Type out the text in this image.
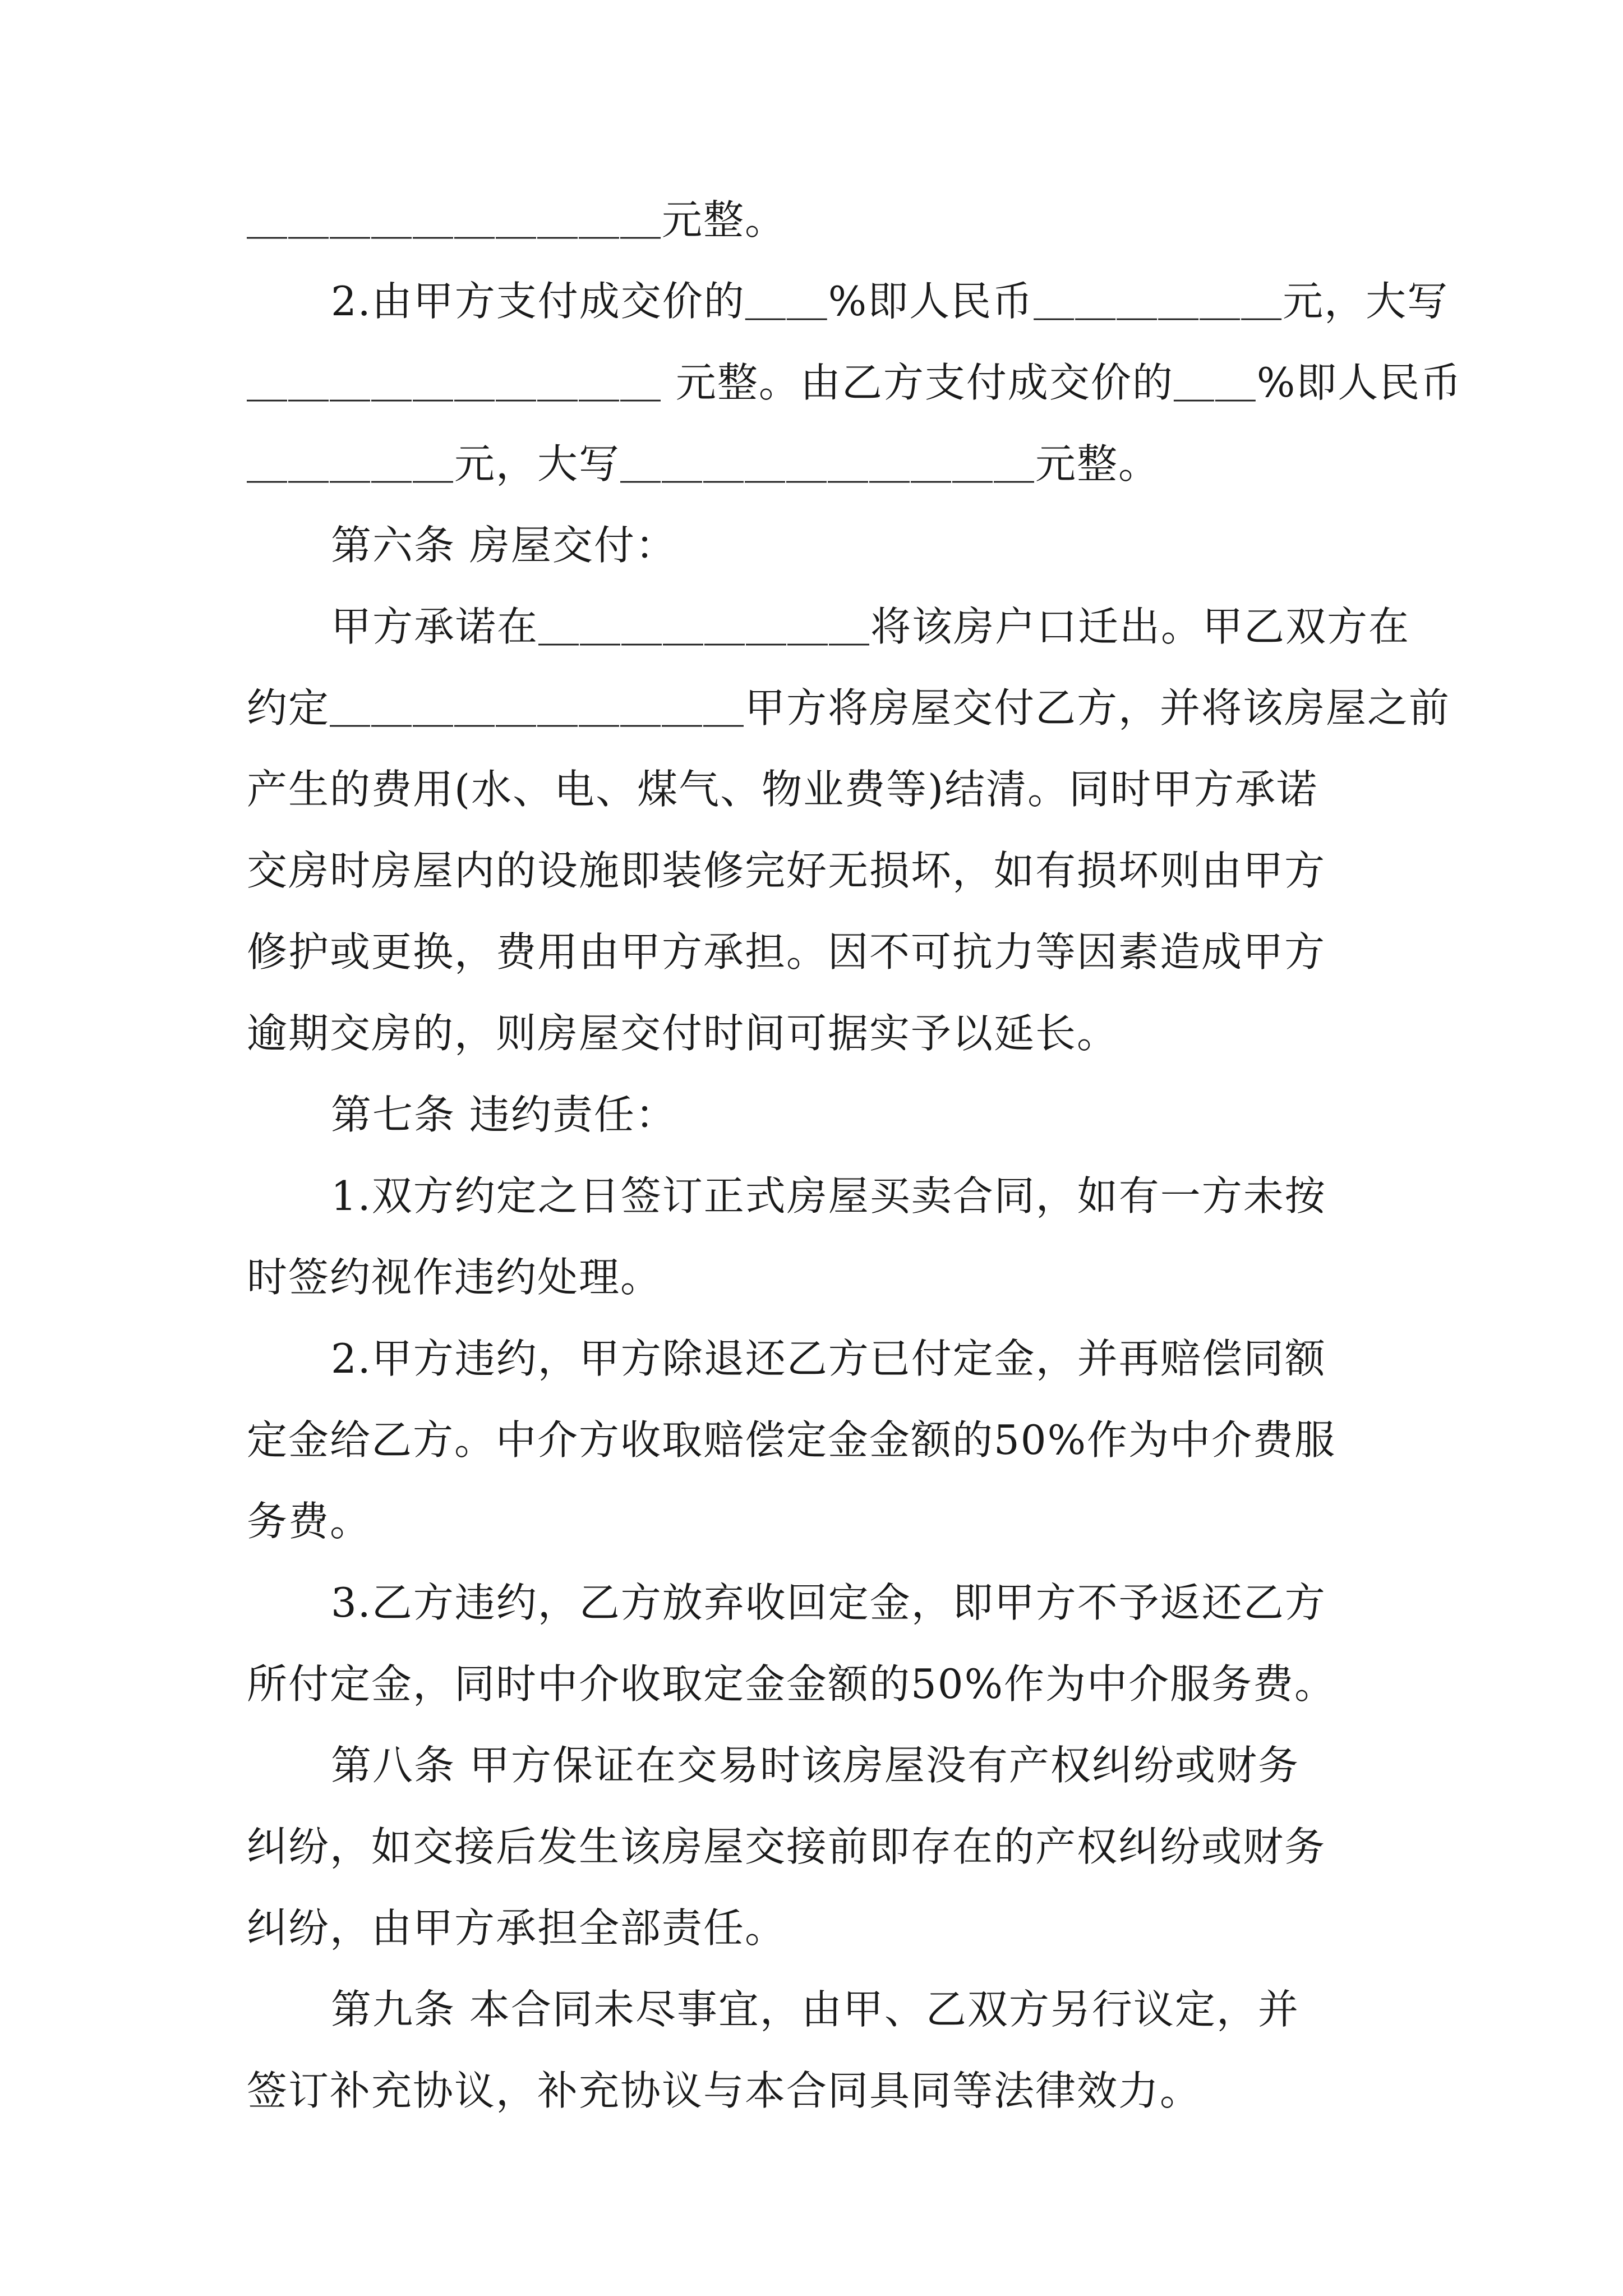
＿＿＿＿＿＿＿＿＿＿元整。
2.由甲方支付成交价的＿＿%即人民币＿＿＿＿＿＿元，大写
＿＿＿＿＿＿＿＿＿＿ 元整。由乙方支付成交价的＿＿%即人民币
＿＿＿＿＿元，大写＿＿＿＿＿＿＿＿＿＿元整。
第六条 房屋交付：
甲方承诺在＿＿＿＿＿＿＿＿将该房户口迁出。甲乙双方在
约定＿＿＿＿＿＿＿＿＿＿甲方将房屋交付乙方，并将该房屋之前
产生的费用(水、电、煤气、物业费等)结清。同时甲方承诺
交房时房屋内的设施即装修完好无损坏，如有损坏则由甲方
修护或更换，费用由甲方承担。因不可抗力等因素造成甲方
逾期交房的，则房屋交付时间可据实予以延长。
第七条 违约责任：
1.双方约定之日签订正式房屋买卖合同，如有一方未按
时签约视作违约处理。
2.甲方违约，甲方除退还乙方已付定金，并再赔偿同额
定金给乙方。中介方收取赔偿定金金额的50%作为中介费服
务费。
3.乙方违约，乙方放弃收回定金，即甲方不予返还乙方
所付定金，同时中介收取定金金额的50%作为中介服务费。
第八条 甲方保证在交易时该房屋没有产权纠纷或财务
纠纷，如交接后发生该房屋交接前即存在的产权纠纷或财务
纠纷，由甲方承担全部责任。
第九条 本合同未尽事宜，由甲、乙双方另行议定，并
签订补充协议，补充协议与本合同具同等法律效力。
